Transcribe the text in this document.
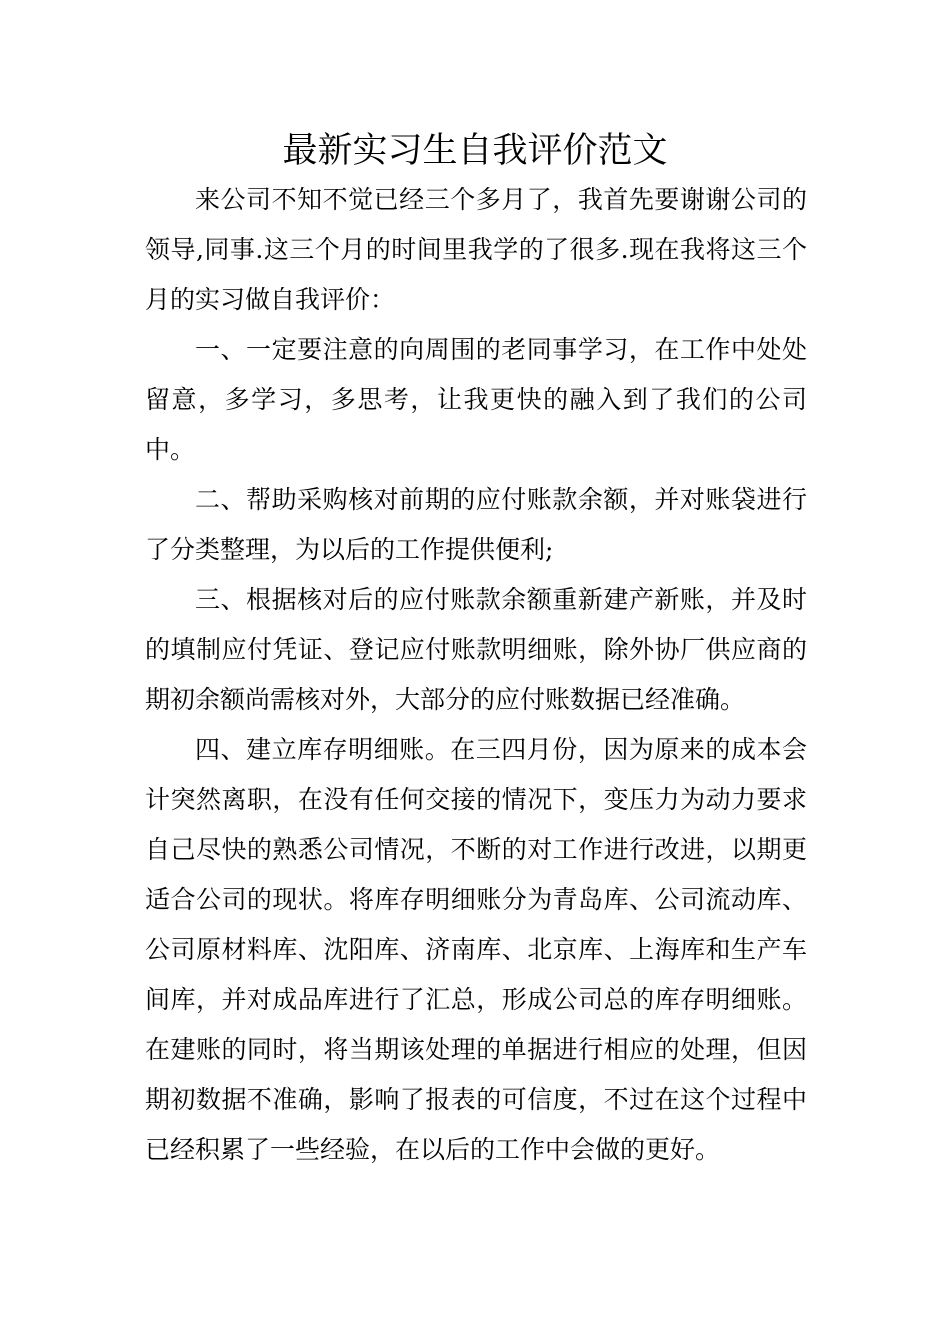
最新实习生自我评价范文

来公司不知不觉已经三个多月了，我首先要谢谢公司的领导,同事.这三个月的时间里我学的了很多.现在我将这三个月的实习做自我评价：

一、一定要注意的向周围的老同事学习，在工作中处处留意，多学习，多思考，让我更快的融入到了我们的公司中。

二、帮助采购核对前期的应付账款余额，并对账袋进行了分类整理，为以后的工作提供便利;

三、根据核对后的应付账款余额重新建产新账，并及时的填制应付凭证、登记应付账款明细账，除外协厂供应商的期初余额尚需核对外，大部分的应付账数据已经准确。

四、建立库存明细账。在三四月份，因为原来的成本会计突然离职，在没有任何交接的情况下，变压力为动力要求自己尽快的熟悉公司情况，不断的对工作进行改进，以期更适合公司的现状。将库存明细账分为青岛库、公司流动库、公司原材料库、沈阳库、济南库、北京库、上海库和生产车间库，并对成品库进行了汇总，形成公司总的库存明细账。在建账的同时，将当期该处理的单据进行相应的处理，但因期初数据不准确，影响了报表的可信度，不过在这个过程中已经积累了一些经验，在以后的工作中会做的更好。
